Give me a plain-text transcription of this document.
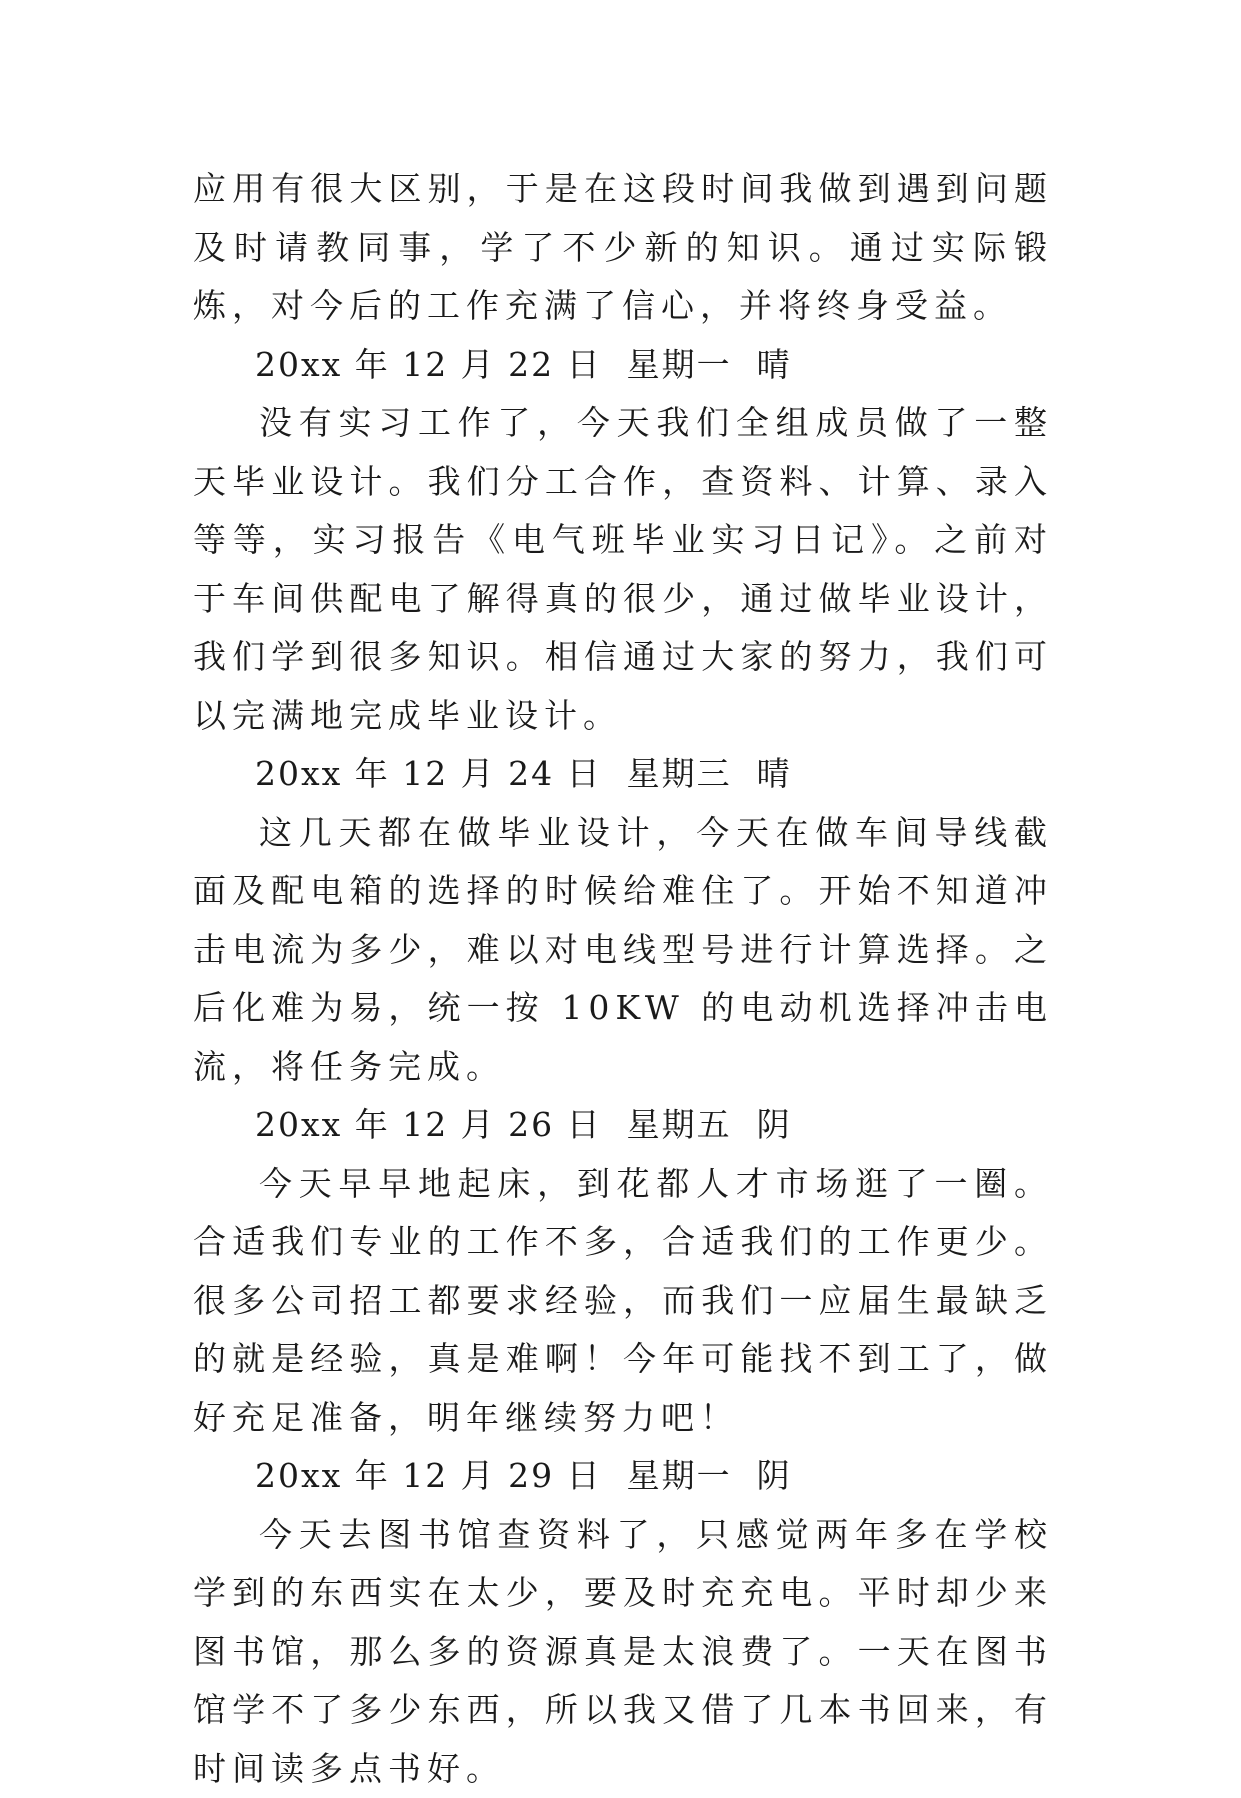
应用有很大区别，于是在这段时间我做到遇到问题及时请教同事，学了不少新的知识。通过实际锻炼，对今后的工作充满了信心，并将终身受益。

20xx 年 12 月 22 日  星期一  晴

没有实习工作了，今天我们全组成员做了一整天毕业设计。我们分工合作，查资料、计算、录入等等，实习报告《电气班毕业实习日记》。之前对于车间供配电了解得真的很少，通过做毕业设计，我们学到很多知识。相信通过大家的努力，我们可以完满地完成毕业设计。

20xx 年 12 月 24 日  星期三  晴

这几天都在做毕业设计，今天在做车间导线截面及配电箱的选择的时候给难住了。开始不知道冲击电流为多少，难以对电线型号进行计算选择。之后化难为易，统一按 10KW 的电动机选择冲击电流，将任务完成。

20xx 年 12 月 26 日  星期五  阴

今天早早地起床，到花都人才市场逛了一圈。合适我们专业的工作不多，合适我们的工作更少。很多公司招工都要求经验，而我们一应届生最缺乏的就是经验，真是难啊！今年可能找不到工了，做好充足准备，明年继续努力吧！

20xx 年 12 月 29 日  星期一  阴

今天去图书馆查资料了，只感觉两年多在学校学到的东西实在太少，要及时充充电。平时却少来图书馆，那么多的资源真是太浪费了。一天在图书馆学不了多少东西，所以我又借了几本书回来，有时间读多点书好。
